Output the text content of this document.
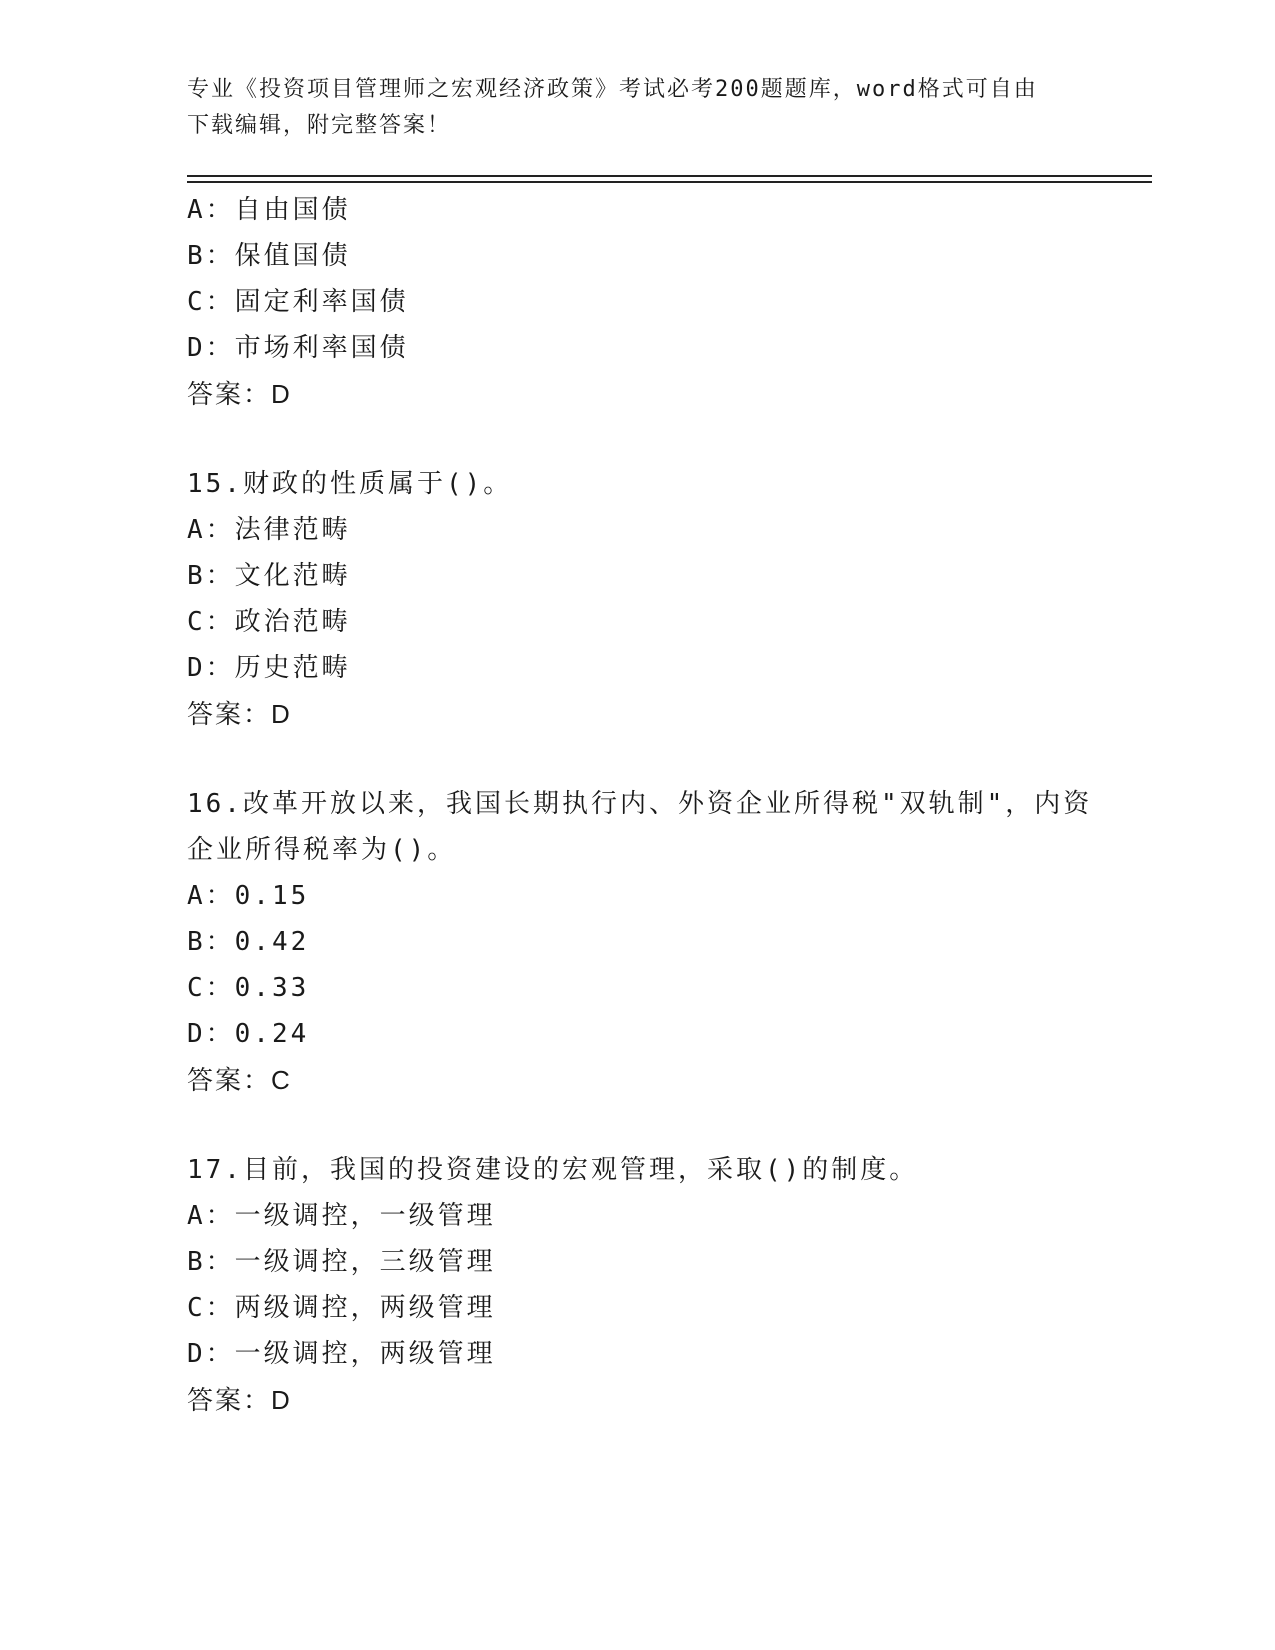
专业《投资项目管理师之宏观经济政策》考试必考200题题库，word格式可自由
下载编辑，附完整答案！
A：自由国债
B：保值国债
C：固定利率国债
D：市场利率国债
答案：D
15.财政的性质属于()。
A：法律范畴
B：文化范畴
C：政治范畴
D：历史范畴
答案：D
16.改革开放以来，我国长期执行内、外资企业所得税"双轨制"，内资
企业所得税率为()。
A：0.15
B：0.42
C：0.33
D：0.24
答案：C
17.目前，我国的投资建设的宏观管理，采取()的制度。
A：一级调控，一级管理
B：一级调控，三级管理
C：两级调控，两级管理
D：一级调控，两级管理
答案：D
